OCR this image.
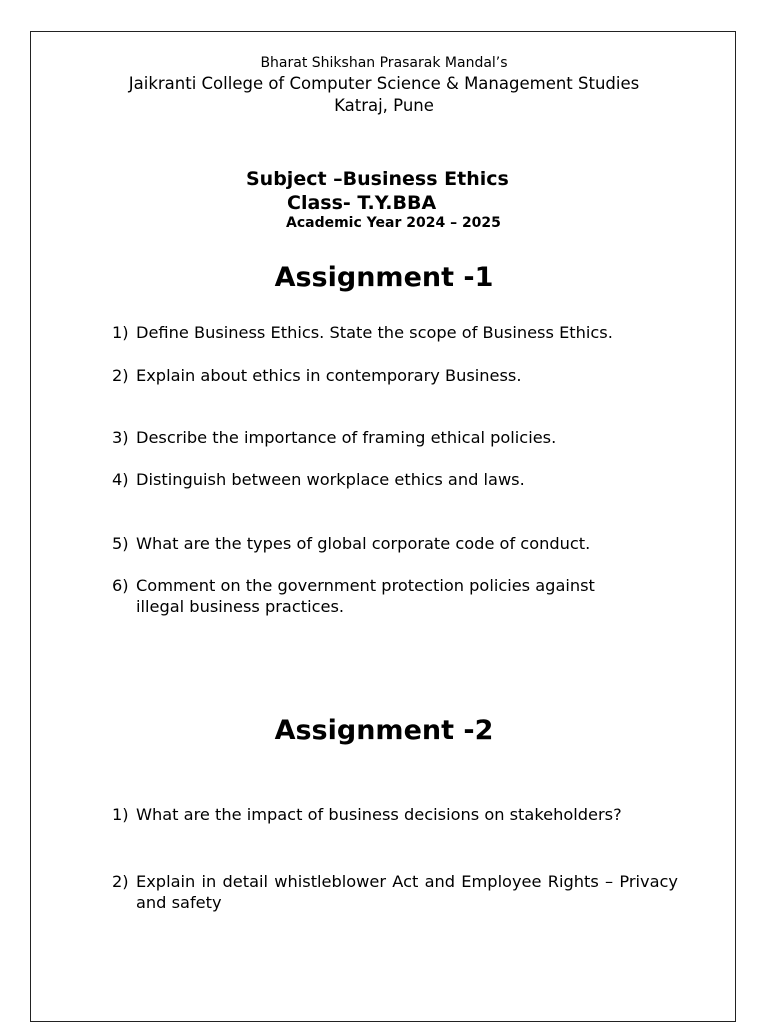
Bharat Shikshan Prasarak Mandal’s
Jaikranti College of Computer Science & Management Studies
Katraj, Pune
Subject –Business Ethics
Class- T.Y.BBA
Academic Year 2024 – 2025
Assignment -1
1) Define Business Ethics. State the scope of Business Ethics.
2) Explain about ethics in contemporary Business.
3) Describe the importance of framing ethical policies.
4) Distinguish between workplace ethics and laws.
5) What are the types of global corporate code of conduct.
6) Comment on the government protection policies against illegal business practices.
Assignment -2
1) What are the impact of business decisions on stakeholders?
2) Explain in detail whistleblower Act and Employee Rights – Privacy and safety
